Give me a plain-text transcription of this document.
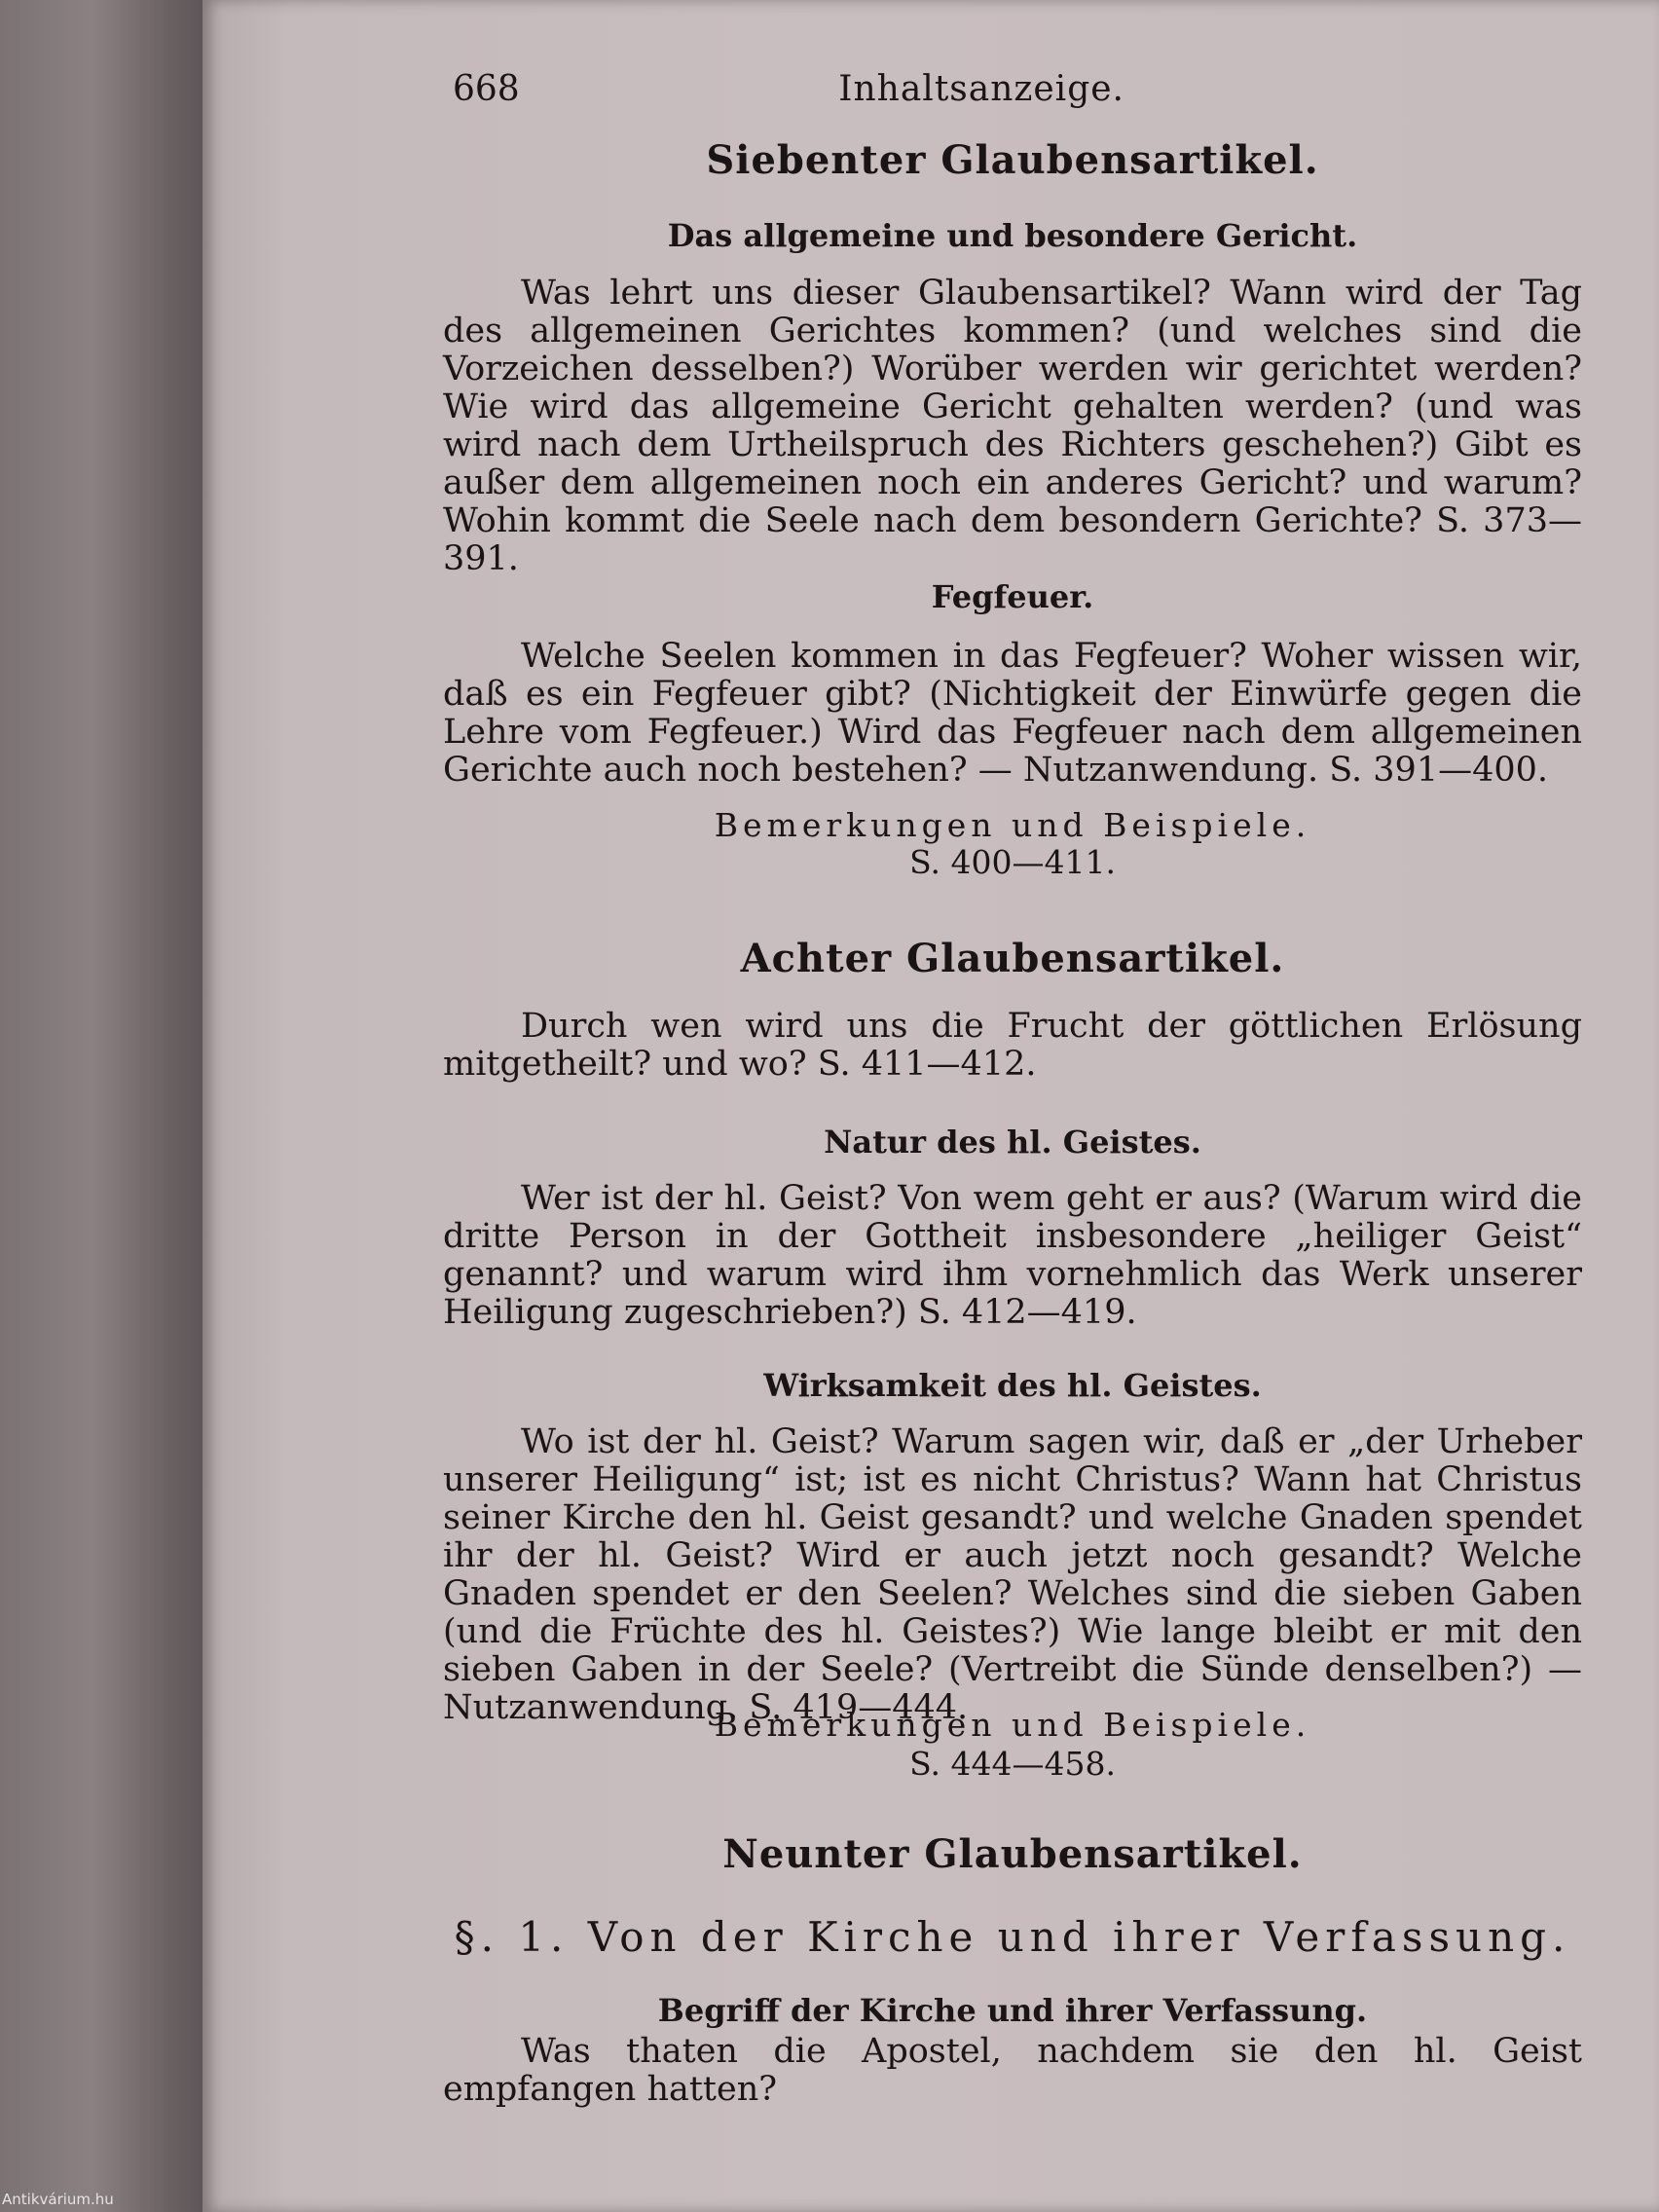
668	Inhaltsanzeige.
Siebenter Glaubensartikel.
Das allgemeine und besondere Gericht.
Was lehrt uns dieser Glaubensartikel? Wann wird der Tag des allgemeinen Gerichtes kommen? (und welches sind die Vorzeichen desselben?) Worüber werden wir gerichtet werden? Wie wird das allgemeine Gericht gehalten werden? (und was wird nach dem Urtheilspruch des Richters geschehen?) Gibt es außer dem allgemeinen noch ein anderes Gericht? und warum? Wohin kommt die Seele nach dem besondern Gerichte? S. 373—391.
Fegfeuer.
Welche Seelen kommen in das Fegfeuer? Woher wissen wir, daß es ein Fegfeuer gibt? (Nichtigkeit der Einwürfe gegen die Lehre vom Fegfeuer.) Wird das Fegfeuer nach dem allgemeinen Gerichte auch noch bestehen? — Nutzanwendung. S. 391—400.
Bemerkungen und Beispiele.
S. 400—411.
Achter Glaubensartikel.
Durch wen wird uns die Frucht der göttlichen Erlösung mitgetheilt? und wo? S. 411—412.
Natur des hl. Geistes.
Wer ist der hl. Geist? Von wem geht er aus? (Warum wird die dritte Person in der Gottheit insbesondere „heiliger Geist“ genannt? und warum wird ihm vornehmlich das Werk unserer Heiligung zugeschrieben?) S. 412—419.
Wirksamkeit des hl. Geistes.
Wo ist der hl. Geist? Warum sagen wir, daß er „der Urheber unserer Heiligung“ ist; ist es nicht Christus? Wann hat Christus seiner Kirche den hl. Geist gesandt? und welche Gnaden spendet ihr der hl. Geist? Wird er auch jetzt noch gesandt? Welche Gnaden spendet er den Seelen? Welches sind die sieben Gaben (und die Früchte des hl. Geistes?) Wie lange bleibt er mit den sieben Gaben in der Seele? (Vertreibt die Sünde denselben?) — Nutzanwendung. S. 419—444.
Bemerkungen und Beispiele.
S. 444—458.
Neunter Glaubensartikel.
§. 1. Von der Kirche und ihrer Verfassung.
Begriff der Kirche und ihrer Verfassung.
Was thaten die Apostel, nachdem sie den hl. Geist empfangen hatten?
Antikvárium.hu
